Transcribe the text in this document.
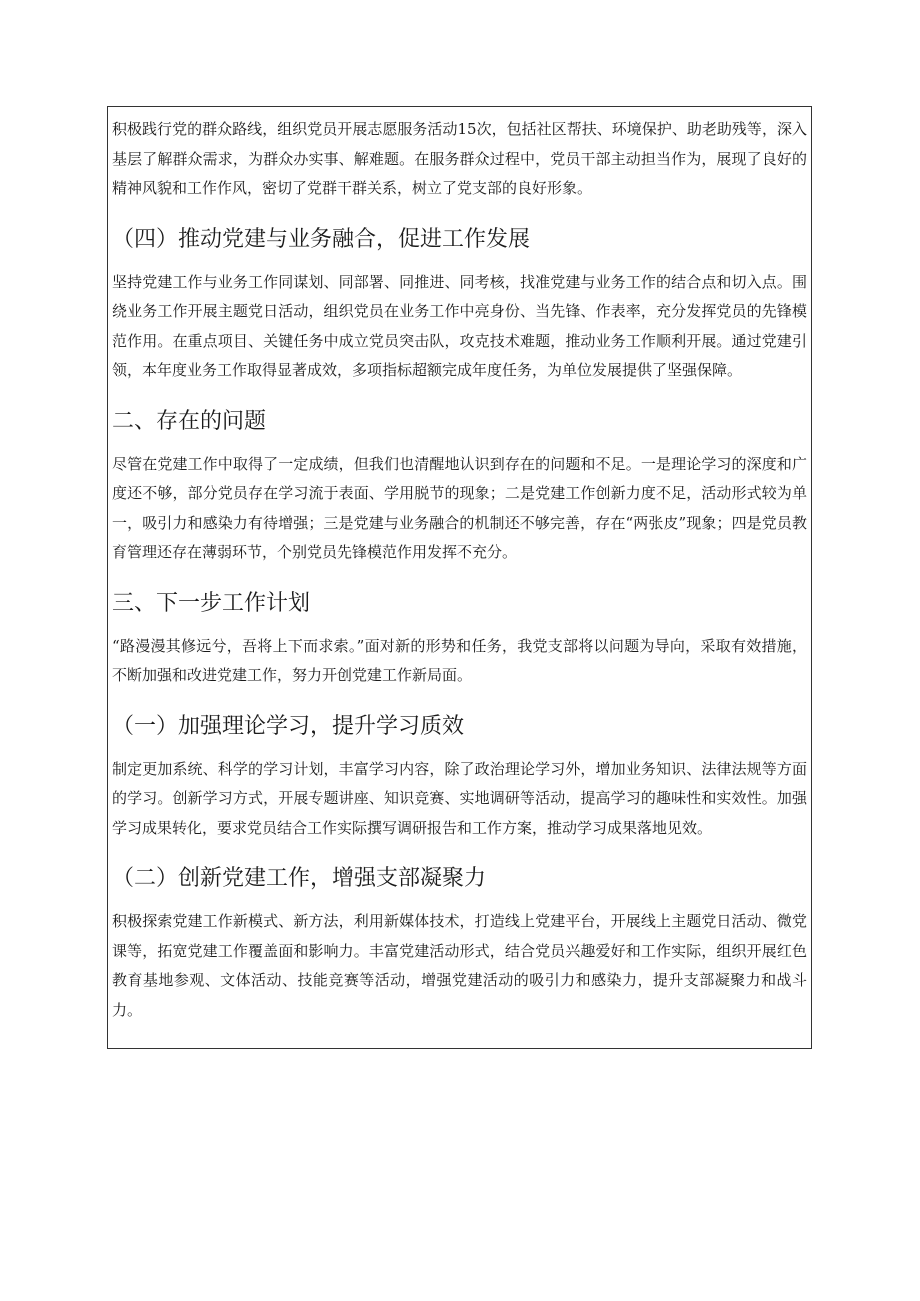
积极践行党的群众路线，组织党员开展志愿服务活动15次，包括社区帮扶、环境保护、助老助残等，深入基层了解群众需求，为群众办实事、解难题。在服务群众过程中，党员干部主动担当作为，展现了良好的精神风貌和工作作风，密切了党群干群关系，树立了党支部的良好形象。

（四）推动党建与业务融合，促进工作发展

坚持党建工作与业务工作同谋划、同部署、同推进、同考核，找准党建与业务工作的结合点和切入点。围绕业务工作开展主题党日活动，组织党员在业务工作中亮身份、当先锋、作表率，充分发挥党员的先锋模范作用。在重点项目、关键任务中成立党员突击队，攻克技术难题，推动业务工作顺利开展。通过党建引领，本年度业务工作取得显著成效，多项指标超额完成年度任务，为单位发展提供了坚强保障。

二、存在的问题

尽管在党建工作中取得了一定成绩，但我们也清醒地认识到存在的问题和不足。一是理论学习的深度和广度还不够，部分党员存在学习流于表面、学用脱节的现象；二是党建工作创新力度不足，活动形式较为单一，吸引力和感染力有待增强；三是党建与业务融合的机制还不够完善，存在“两张皮”现象；四是党员教育管理还存在薄弱环节，个别党员先锋模范作用发挥不充分。

三、下一步工作计划

“路漫漫其修远兮，吾将上下而求索。”面对新的形势和任务，我党支部将以问题为导向，采取有效措施，不断加强和改进党建工作，努力开创党建工作新局面。

（一）加强理论学习，提升学习质效

制定更加系统、科学的学习计划，丰富学习内容，除了政治理论学习外，增加业务知识、法律法规等方面的学习。创新学习方式，开展专题讲座、知识竞赛、实地调研等活动，提高学习的趣味性和实效性。加强学习成果转化，要求党员结合工作实际撰写调研报告和工作方案，推动学习成果落地见效。

（二）创新党建工作，增强支部凝聚力

积极探索党建工作新模式、新方法，利用新媒体技术，打造线上党建平台，开展线上主题党日活动、微党课等，拓宽党建工作覆盖面和影响力。丰富党建活动形式，结合党员兴趣爱好和工作实际，组织开展红色教育基地参观、文体活动、技能竞赛等活动，增强党建活动的吸引力和感染力，提升支部凝聚力和战斗力。
